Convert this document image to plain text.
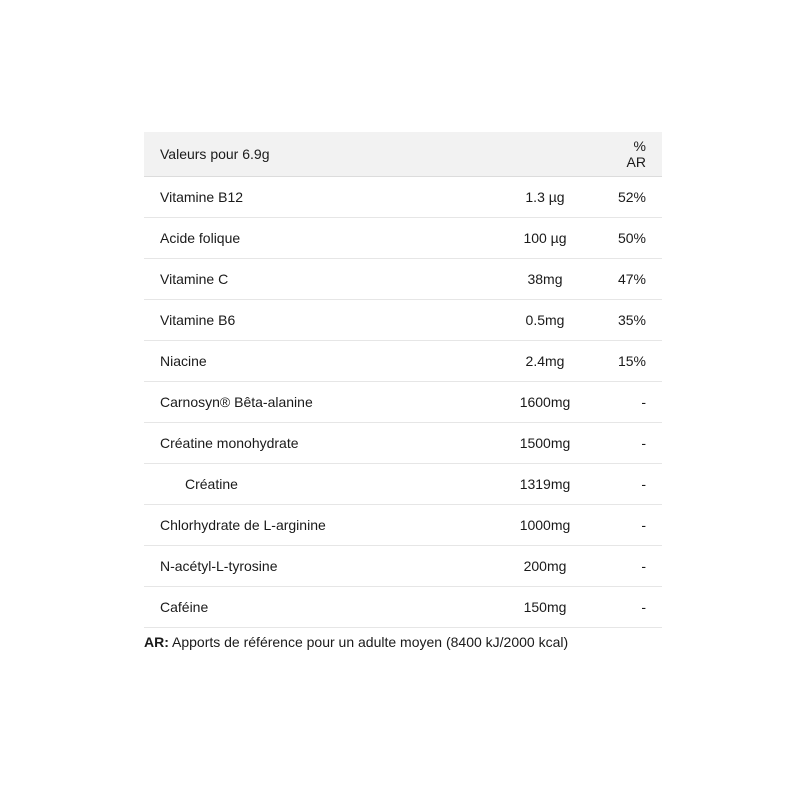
Valeurs pour 6.9g		% AR
Vitamine B12	1.3 µg	52%
Acide folique	100 µg	50%
Vitamine C	38mg	47%
Vitamine B6	0.5mg	35%
Niacine	2.4mg	15%
Carnosyn® Bêta-alanine	1600mg	-
Créatine monohydrate	1500mg	-
Créatine	1319mg	-
Chlorhydrate de L-arginine	1000mg	-
N-acétyl-L-tyrosine	200mg	-
Caféine	150mg	-
AR: Apports de référence pour un adulte moyen (8400 kJ/2000 kcal)
